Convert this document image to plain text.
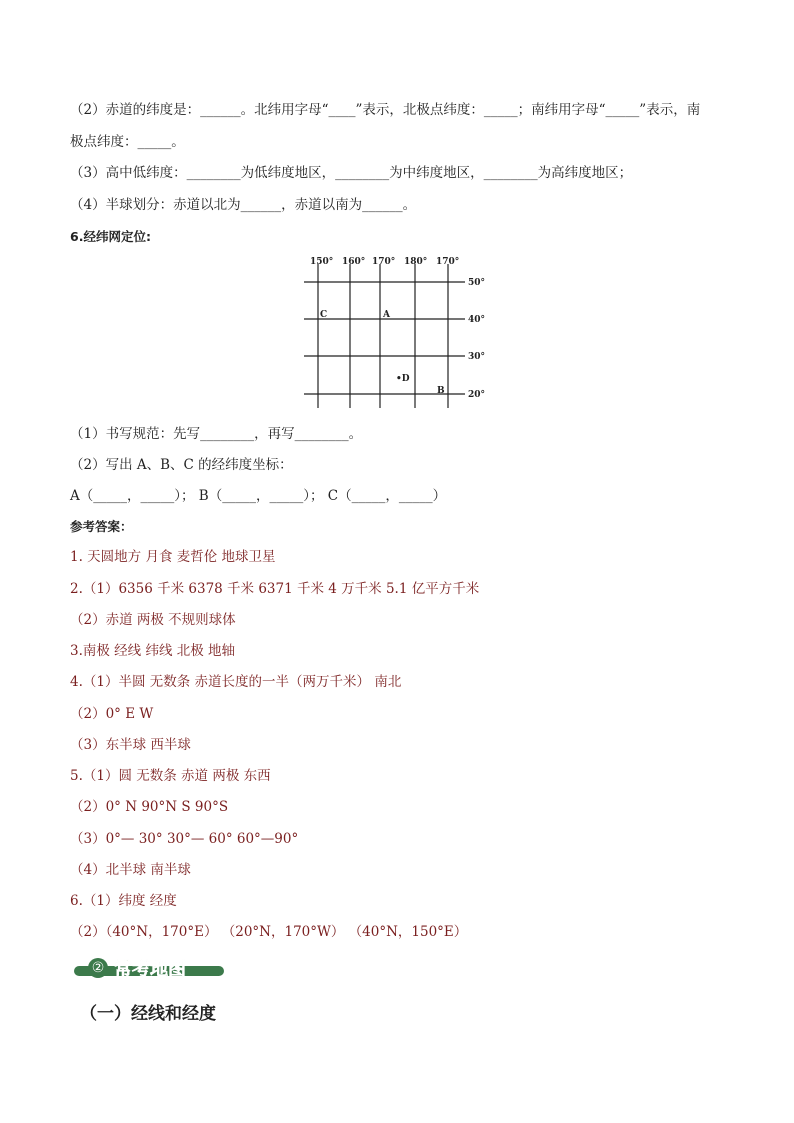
（2）赤道的纬度是：______。北纬用字母“____”表示，北极点纬度：_____；南纬用字母“_____”表示，南
极点纬度：_____。
（3）高中低纬度：________为低纬度地区，________为中纬度地区，________为高纬度地区；
（4）半球划分：赤道以北为______，赤道以南为______。
6.经纬网定位:
150° 160° 170° 180° 170°
50°
40°
30°
20°
C	A
•D
B
（1）书写规范：先写________，再写________。
（2）写出 A、B、C 的经纬度坐标：
A（_____，_____）； B（_____，_____）； C（_____，_____）
参考答案：
1. 天圆地方 月食 麦哲伦 地球卫星
2.（1）6356 千米 6378 千米 6371 千米 4 万千米 5.1 亿平方千米
（2）赤道 两极 不规则球体
3.南极 经线 纬线 北极 地轴
4.（1）半圆 无数条 赤道长度的一半（两万千米） 南北
（2）0° E W
（3）东半球 西半球
5.（1）圆 无数条 赤道 两极 东西
（2）0° N 90°N S 90°S
（3）0°— 30° 30°— 60° 60°—90°
（4）北半球 南半球
6.（1）纬度 经度
（2）（40°N，170°E） （20°N，170°W） （40°N，150°E）
② 常考地图
（一）经线和经度
